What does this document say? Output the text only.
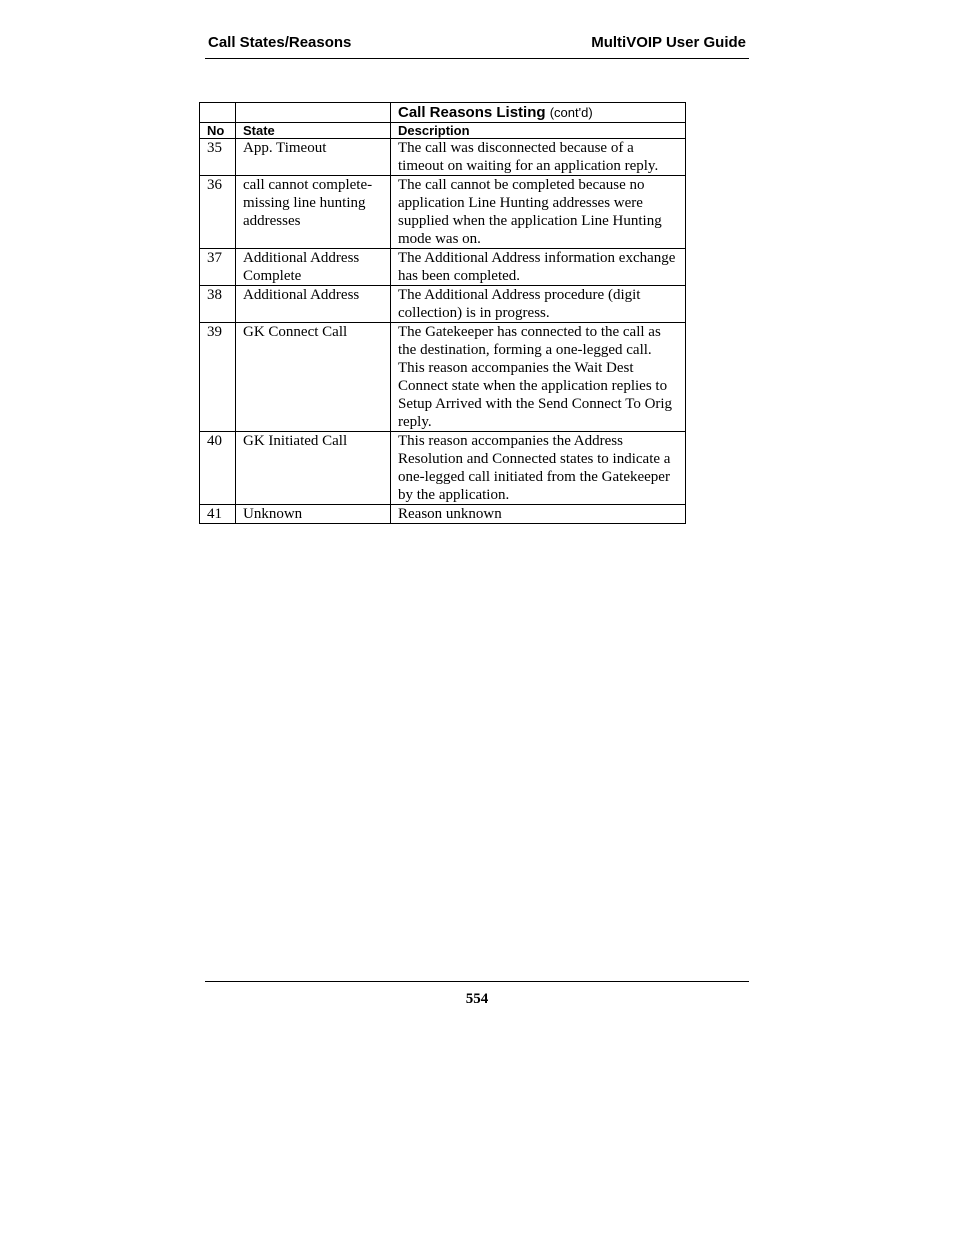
Call States/Reasons	MultiVOIP User Guide
		Call Reasons Listing (cont'd)
No	State	Description
35	App. Timeout	The call was disconnected because of a timeout on waiting for an application reply.
36	call cannot complete- missing line hunting addresses	The call cannot be completed because no application Line Hunting addresses were supplied when the application Line Hunting mode was on.
37	Additional Address Complete	The Additional Address information exchange has been completed.
38	Additional Address	The Additional Address procedure (digit collection) is in progress.
39	GK Connect Call	The Gatekeeper has connected to the call as the destination, forming a one-legged call. This reason accompanies the Wait Dest Connect state when the application replies to Setup Arrived with the Send Connect To Orig reply.
40	GK Initiated Call	This reason accompanies the Address Resolution and Connected states to indicate a one-legged call initiated from the Gatekeeper by the application.
41	Unknown	Reason unknown
554
